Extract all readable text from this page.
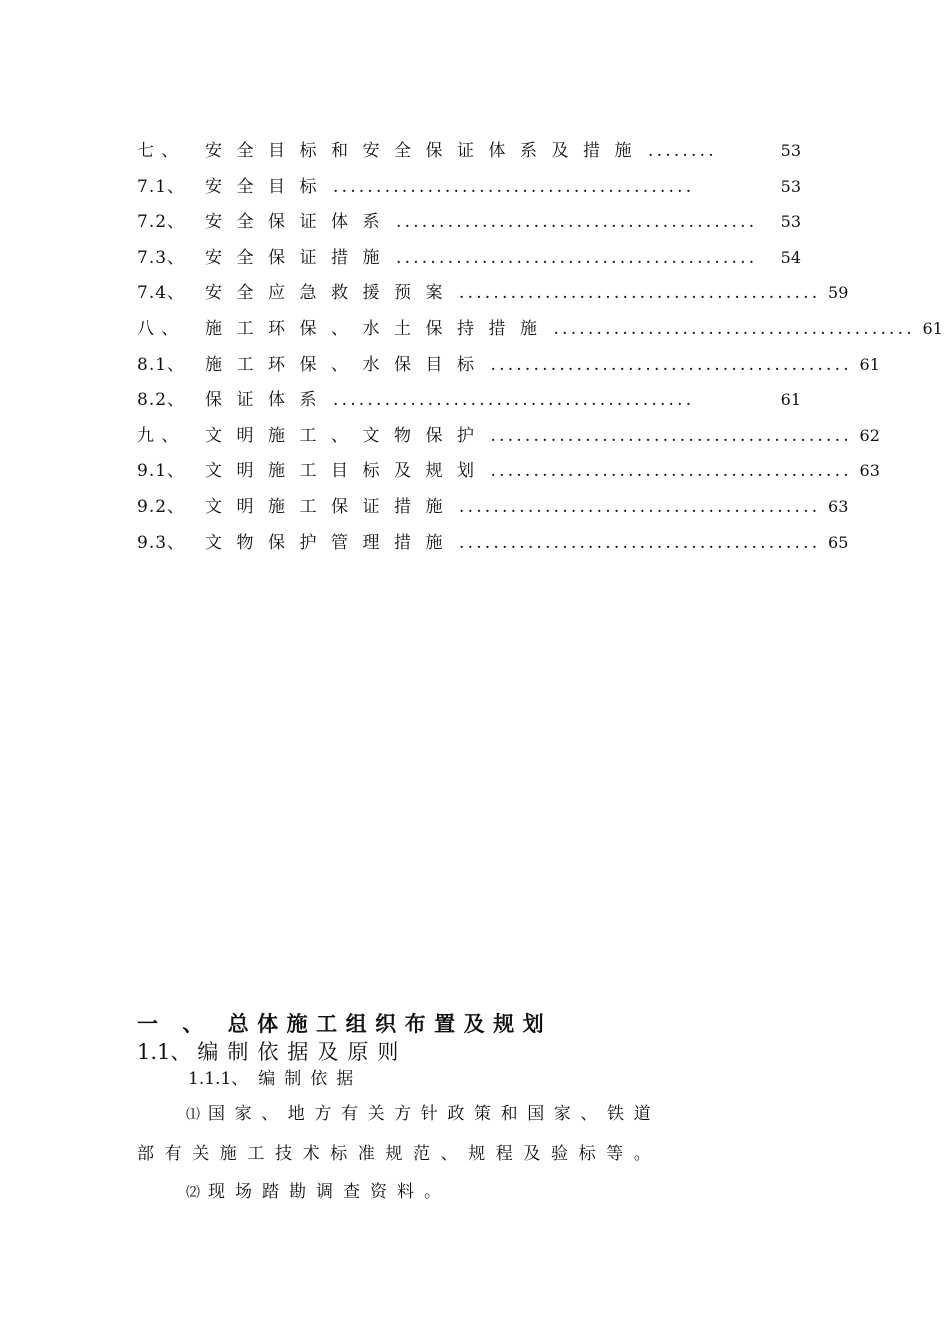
七 、	安全目标和安全保证体系及措施 ........	53
7.1、	安全目标 ..........................................	53
7.2、	安全保证体系 ..........................................	53
7.3、	安全保证措施 ..........................................	54
7.4、	安全应急救援预案 .......................................... 59
八 、	施工环保、水土保持措施 .......................................... 61
8.1、	施工环保、水保目标 .......................................... 61
8.2、	保证体系 ..........................................	61
九 、	文明施工、文物保护 .......................................... 62
9.1、	文明施工目标及规划 .......................................... 63
9.2、	文明施工保证措施 .......................................... 63
9.3、	文物保护管理措施 .......................................... 65
一 、 总体施工组织布置及规划
1.1、 编制依据及原则
1.1.1、 编制依据
⑴ 国家、地方有关方针政策和国家、铁道
部有关施工技术标准规范、规程及验标等。
⑵ 现场踏勘调查资料。
